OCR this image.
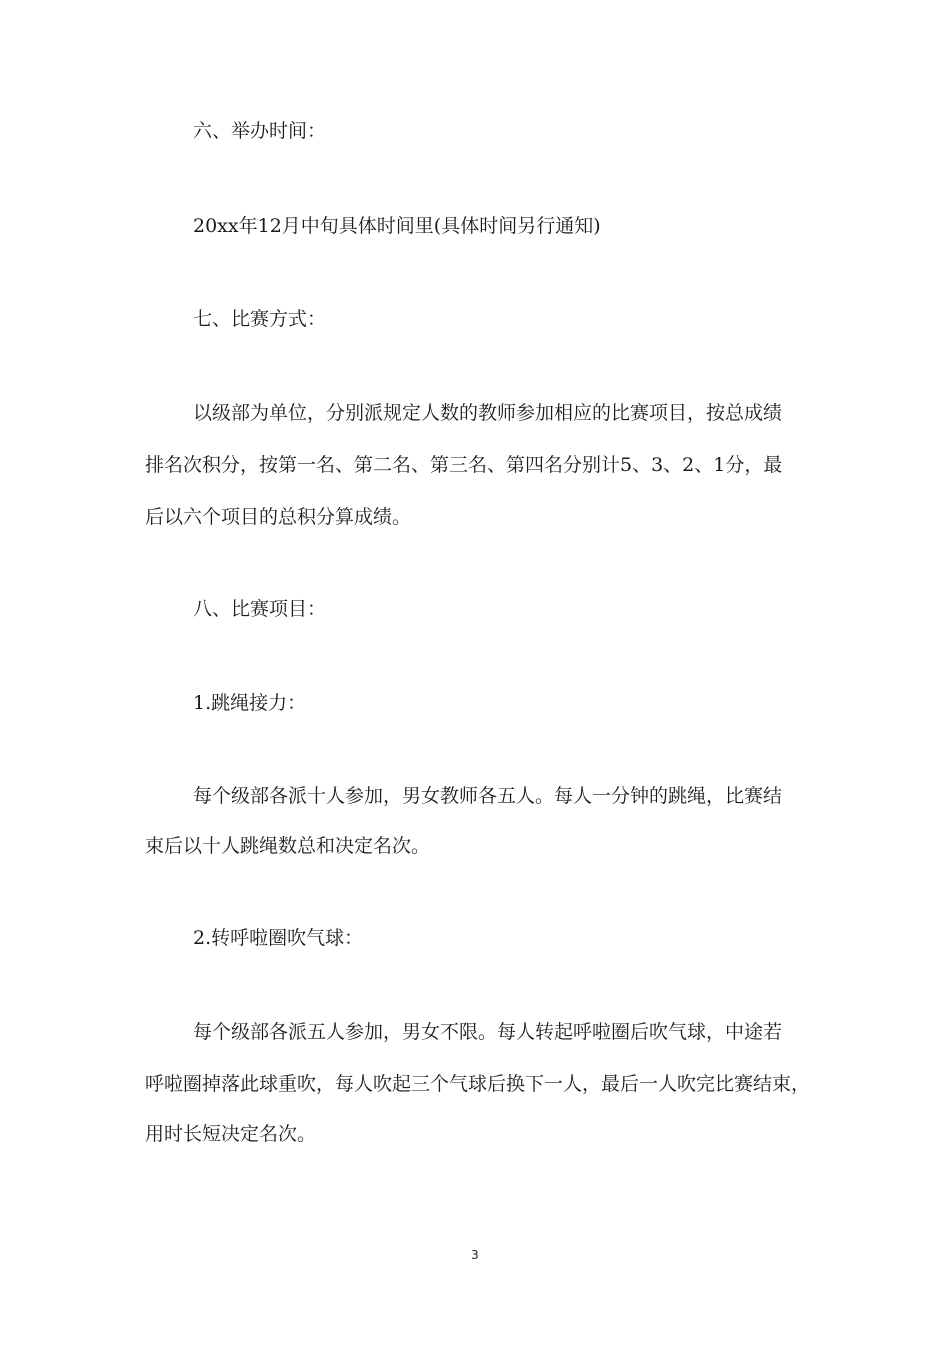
六、举办时间：
20xx年12月中旬具体时间里(具体时间另行通知)
七、比赛方式：
以级部为单位，分别派规定人数的教师参加相应的比赛项目，按总成绩
排名次积分，按第一名、第二名、第三名、第四名分别计5、3、2、1分，最
后以六个项目的总积分算成绩。
八、比赛项目：
1.跳绳接力：
每个级部各派十人参加，男女教师各五人。每人一分钟的跳绳，比赛结
束后以十人跳绳数总和决定名次。
2.转呼啦圈吹气球：
每个级部各派五人参加，男女不限。每人转起呼啦圈后吹气球，中途若
呼啦圈掉落此球重吹，每人吹起三个气球后换下一人，最后一人吹完比赛结束，
用时长短决定名次。
3
